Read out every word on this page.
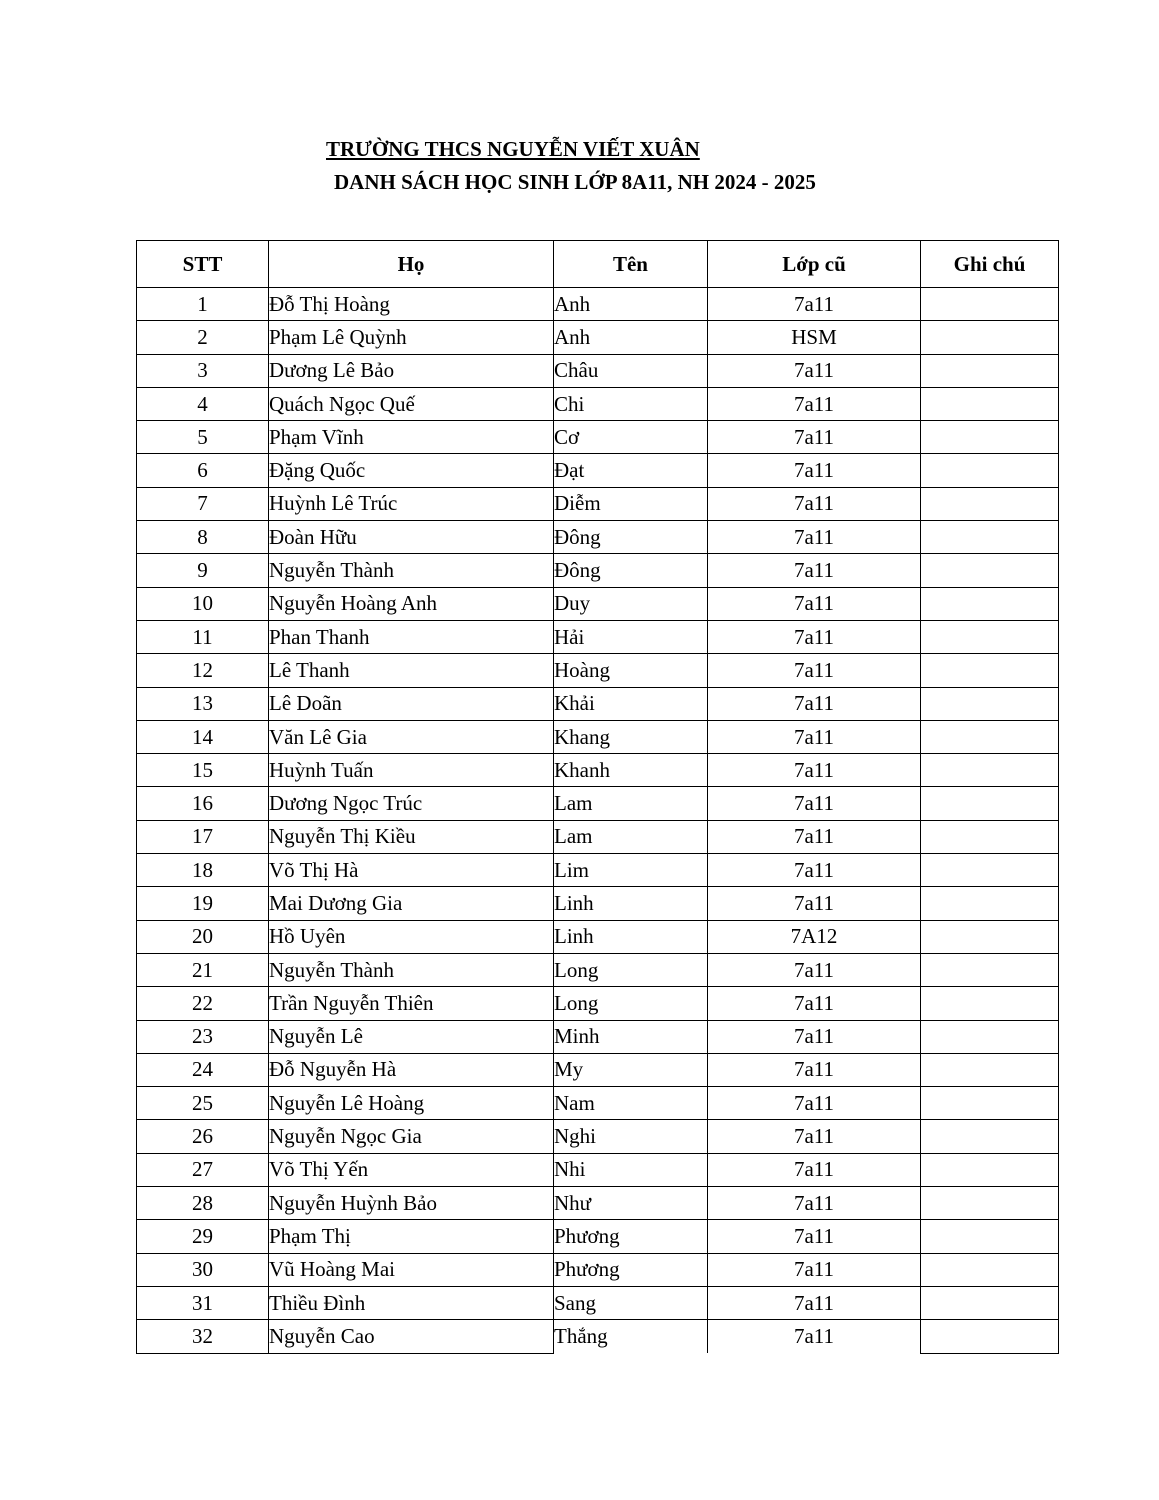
TRƯỜNG THCS NGUYỄN VIẾT XUÂN
DANH SÁCH HỌC SINH LỚP 8A11, NH 2024 - 2025
STT	Họ	Tên	Lớp cũ	Ghi chú
1	Đỗ Thị Hoàng	Anh	7a11	
2	Phạm Lê Quỳnh	Anh	HSM	
3	Dương Lê Bảo	Châu	7a11	
4	Quách Ngọc Quế	Chi	7a11	
5	Phạm Vĩnh	Cơ	7a11	
6	Đặng Quốc	Đạt	7a11	
7	Huỳnh Lê Trúc	Diễm	7a11	
8	Đoàn Hữu	Đông	7a11	
9	Nguyễn Thành	Đông	7a11	
10	Nguyễn Hoàng Anh	Duy	7a11	
11	Phan Thanh	Hải	7a11	
12	Lê Thanh	Hoàng	7a11	
13	Lê Doãn	Khải	7a11	
14	Văn Lê Gia	Khang	7a11	
15	Huỳnh Tuấn	Khanh	7a11	
16	Dương Ngọc Trúc	Lam	7a11	
17	Nguyễn Thị Kiều	Lam	7a11	
18	Võ Thị Hà	Lim	7a11	
19	Mai Dương Gia	Linh	7a11	
20	Hồ Uyên	Linh	7A12	
21	Nguyễn Thành	Long	7a11	
22	Trần Nguyễn Thiên	Long	7a11	
23	Nguyễn Lê	Minh	7a11	
24	Đỗ Nguyễn Hà	My	7a11	
25	Nguyễn Lê Hoàng	Nam	7a11	
26	Nguyễn Ngọc Gia	Nghi	7a11	
27	Võ Thị Yến	Nhi	7a11	
28	Nguyễn Huỳnh Bảo	Như	7a11	
29	Phạm Thị	Phương	7a11	
30	Vũ Hoàng Mai	Phương	7a11	
31	Thiều Đình	Sang	7a11	
32	Nguyễn Cao	Thắng	7a11	
